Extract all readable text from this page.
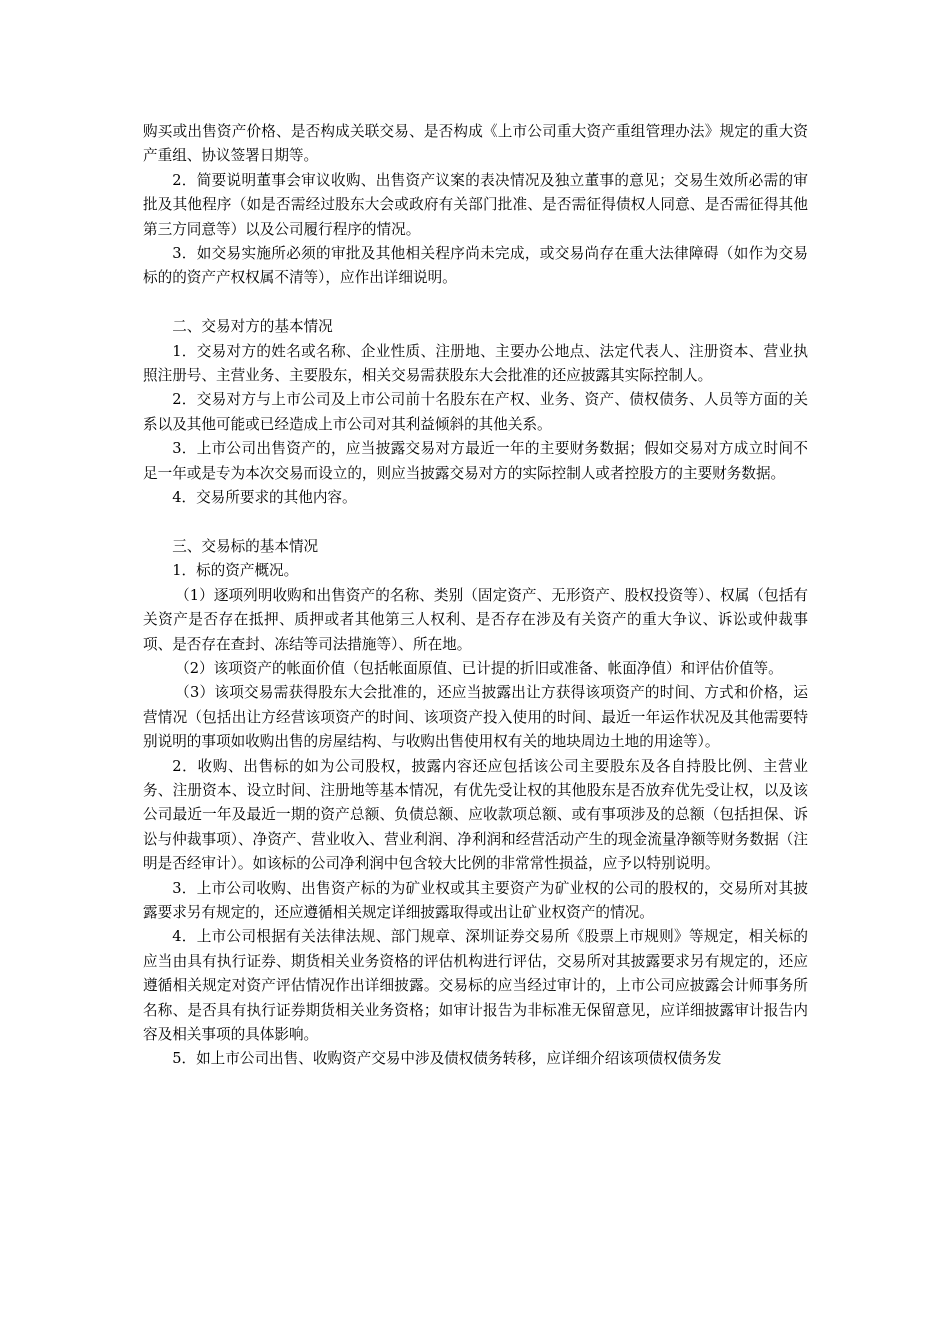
购买或出售资产价格、是否构成关联交易、是否构成《上市公司重大资产重组管理办法》规定的重大资产重组、协议签署日期等。

2．简要说明董事会审议收购、出售资产议案的表决情况及独立董事的意见；交易生效所必需的审批及其他程序（如是否需经过股东大会或政府有关部门批准、是否需征得债权人同意、是否需征得其他第三方同意等）以及公司履行程序的情况。

3．如交易实施所必须的审批及其他相关程序尚未完成，或交易尚存在重大法律障碍（如作为交易标的的资产产权权属不清等），应作出详细说明。

二、交易对方的基本情况

1．交易对方的姓名或名称、企业性质、注册地、主要办公地点、法定代表人、注册资本、营业执照注册号、主营业务、主要股东，相关交易需获股东大会批准的还应披露其实际控制人。

2．交易对方与上市公司及上市公司前十名股东在产权、业务、资产、债权债务、人员等方面的关系以及其他可能或已经造成上市公司对其利益倾斜的其他关系。

3．上市公司出售资产的，应当披露交易对方最近一年的主要财务数据；假如交易对方成立时间不足一年或是专为本次交易而设立的，则应当披露交易对方的实际控制人或者控股方的主要财务数据。

4．交易所要求的其他内容。

三、交易标的基本情况

1．标的资产概况。

（1）逐项列明收购和出售资产的名称、类别（固定资产、无形资产、股权投资等）、权属（包括有关资产是否存在抵押、质押或者其他第三人权利、是否存在涉及有关资产的重大争议、诉讼或仲裁事项、是否存在查封、冻结等司法措施等）、所在地。

（2）该项资产的帐面价值（包括帐面原值、已计提的折旧或准备、帐面净值）和评估价值等。

（3）该项交易需获得股东大会批准的，还应当披露出让方获得该项资产的时间、方式和价格，运营情况（包括出让方经营该项资产的时间、该项资产投入使用的时间、最近一年运作状况及其他需要特别说明的事项如收购出售的房屋结构、与收购出售使用权有关的地块周边土地的用途等）。

2．收购、出售标的如为公司股权，披露内容还应包括该公司主要股东及各自持股比例、主营业务、注册资本、设立时间、注册地等基本情况，有优先受让权的其他股东是否放弃优先受让权，以及该公司最近一年及最近一期的资产总额、负债总额、应收款项总额、或有事项涉及的总额（包括担保、诉讼与仲裁事项）、净资产、营业收入、营业利润、净利润和经营活动产生的现金流量净额等财务数据（注明是否经审计）。如该标的公司净利润中包含较大比例的非常常性损益，应予以特别说明。

3．上市公司收购、出售资产标的为矿业权或其主要资产为矿业权的公司的股权的，交易所对其披露要求另有规定的，还应遵循相关规定详细披露取得或出让矿业权资产的情况。

4．上市公司根据有关法律法规、部门规章、深圳证券交易所《股票上市规则》等规定，相关标的应当由具有执行证券、期货相关业务资格的评估机构进行评估，交易所对其披露要求另有规定的，还应遵循相关规定对资产评估情况作出详细披露。交易标的应当经过审计的，上市公司应披露会计师事务所名称、是否具有执行证券期货相关业务资格；如审计报告为非标准无保留意见，应详细披露审计报告内容及相关事项的具体影响。

5．如上市公司出售、收购资产交易中涉及债权债务转移，应详细介绍该项债权债务发
